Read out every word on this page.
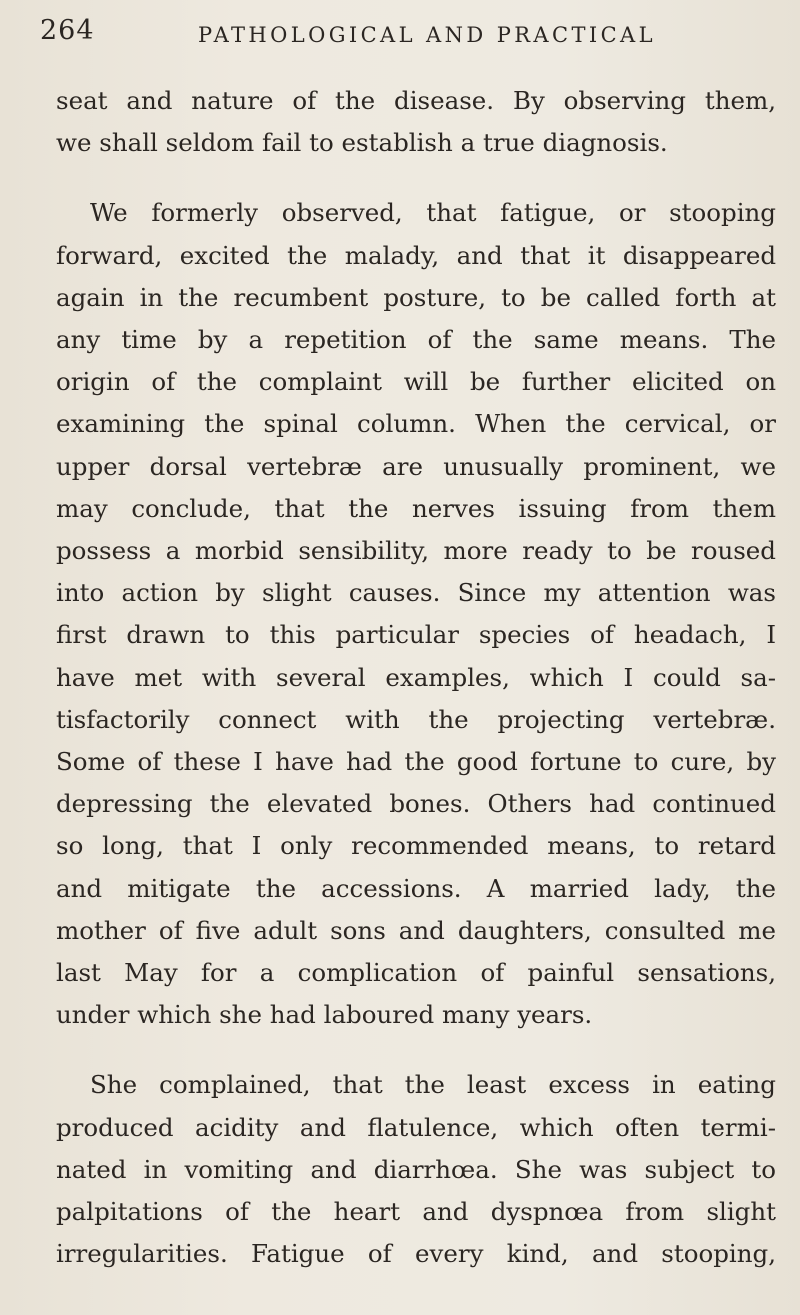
264	PATHOLOGICAL AND PRACTICAL
seat and nature of the disease. By observing them,
we shall seldom fail to establish a true diagnosis.
We formerly observed, that fatigue, or stooping
forward, excited the malady, and that it disappeared
again in the recumbent posture, to be called forth at
any time by a repetition of the same means. The
origin of the complaint will be further elicited on
examining the spinal column. When the cervical, or
upper dorsal vertebræ are unusually prominent, we
may conclude, that the nerves issuing from them
possess a morbid sensibility, more ready to be roused
into action by slight causes. Since my attention was
first drawn to this particular species of headach, I
have met with several examples, which I could sa-
tisfactorily connect with the projecting vertebræ.
Some of these I have had the good fortune to cure, by
depressing the elevated bones. Others had continued
so long, that I only recommended means, to retard
and mitigate the accessions. A married lady, the
mother of five adult sons and daughters, consulted me
last May for a complication of painful sensations,
under which she had laboured many years.
She complained, that the least excess in eating
produced acidity and flatulence, which often termi-
nated in vomiting and diarrhœa. She was subject to
palpitations of the heart and dyspnœa from slight
irregularities. Fatigue of every kind, and stooping,
